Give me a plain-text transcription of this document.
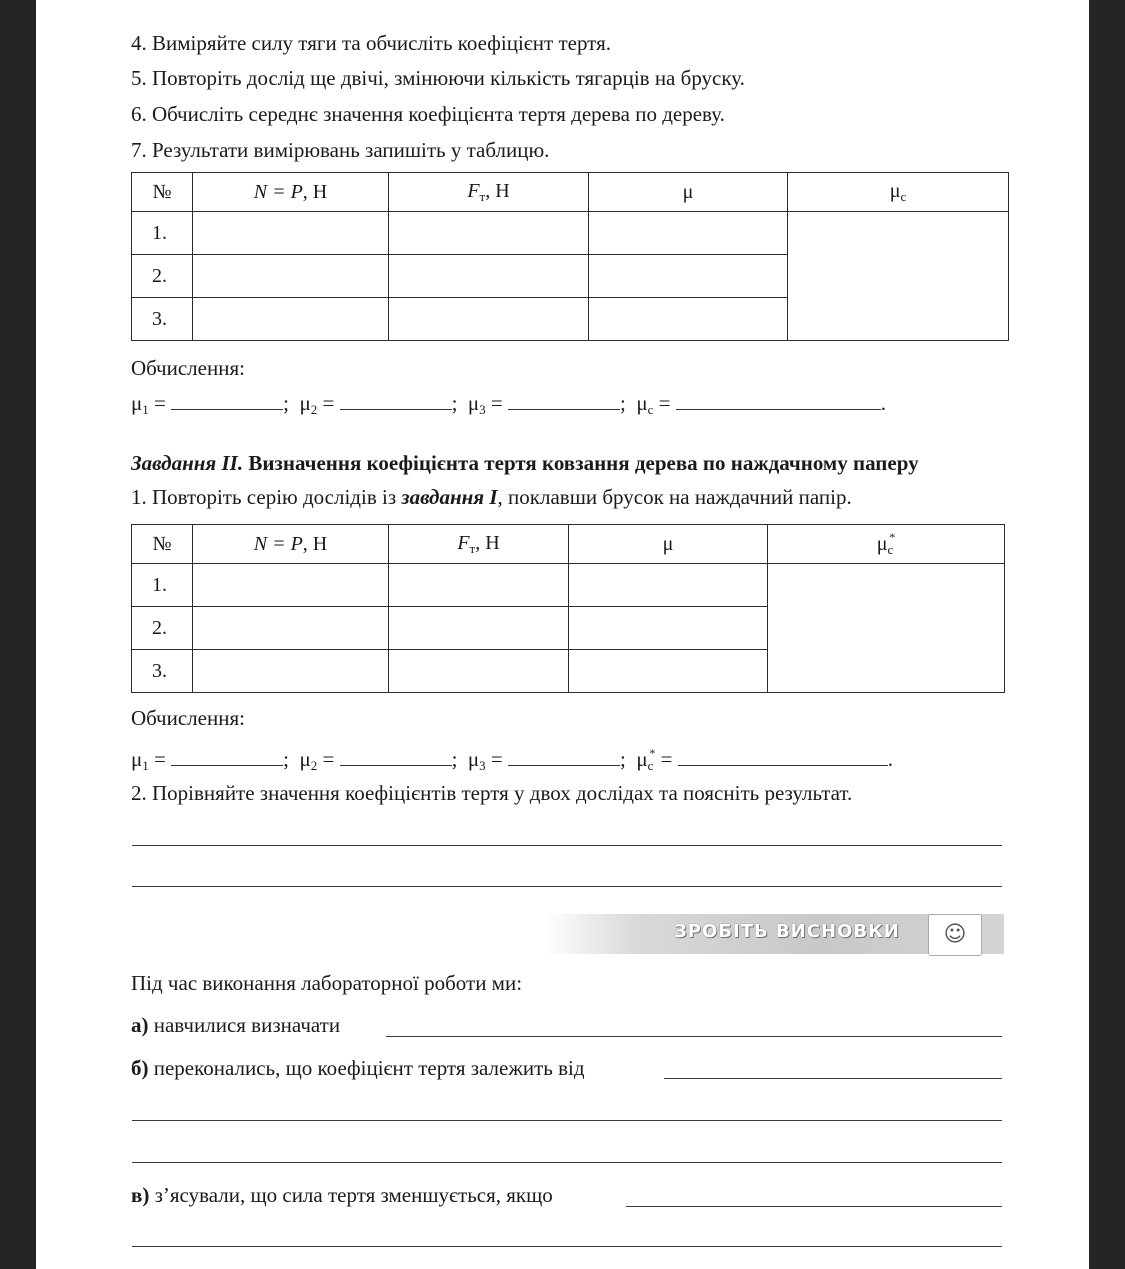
4. Виміряйте силу тяги та обчисліть коефіцієнт тертя.
5. Повторіть дослід ще двічі, змінюючи кількість тягарців на бруску.
6. Обчисліть середнє значення коефіцієнта тертя дерева по дереву.
7. Результати вимірювань запишіть у таблицю.
№	N = P, Н	$F_т$, Н	μ	$\mu_c$
1.				
2.				
3.				
Обчислення:
$\mu_1$ =	; $\mu_2$ =	; $\mu_3$ =	; $\mu_c$ =	.
Завдання ІІ. Визначення коефіцієнта тертя ковзання дерева по наждачному паперу
1. Повторіть серію дослідів із завдання І, поклавши брусок на наждачний папір.
№	N = P, Н	$F_т$, Н	μ	$\mu_c^*$
1.				
2.				
3.				
Обчислення:
$\mu_1$ =	; $\mu_2$ =	; $\mu_3$ =	; $\mu_c^*$ =	.
2. Порівняйте значення коефіцієнтів тертя у двох дослідах та поясніть результат.
ЗРОБІТЬ ВИСНОВКИ	☺
Під час виконання лабораторної роботи ми:
а) навчилися визначати
б) переконались, що коефіцієнт тертя залежить від
в) з’ясували, що сила тертя зменшується, якщо
